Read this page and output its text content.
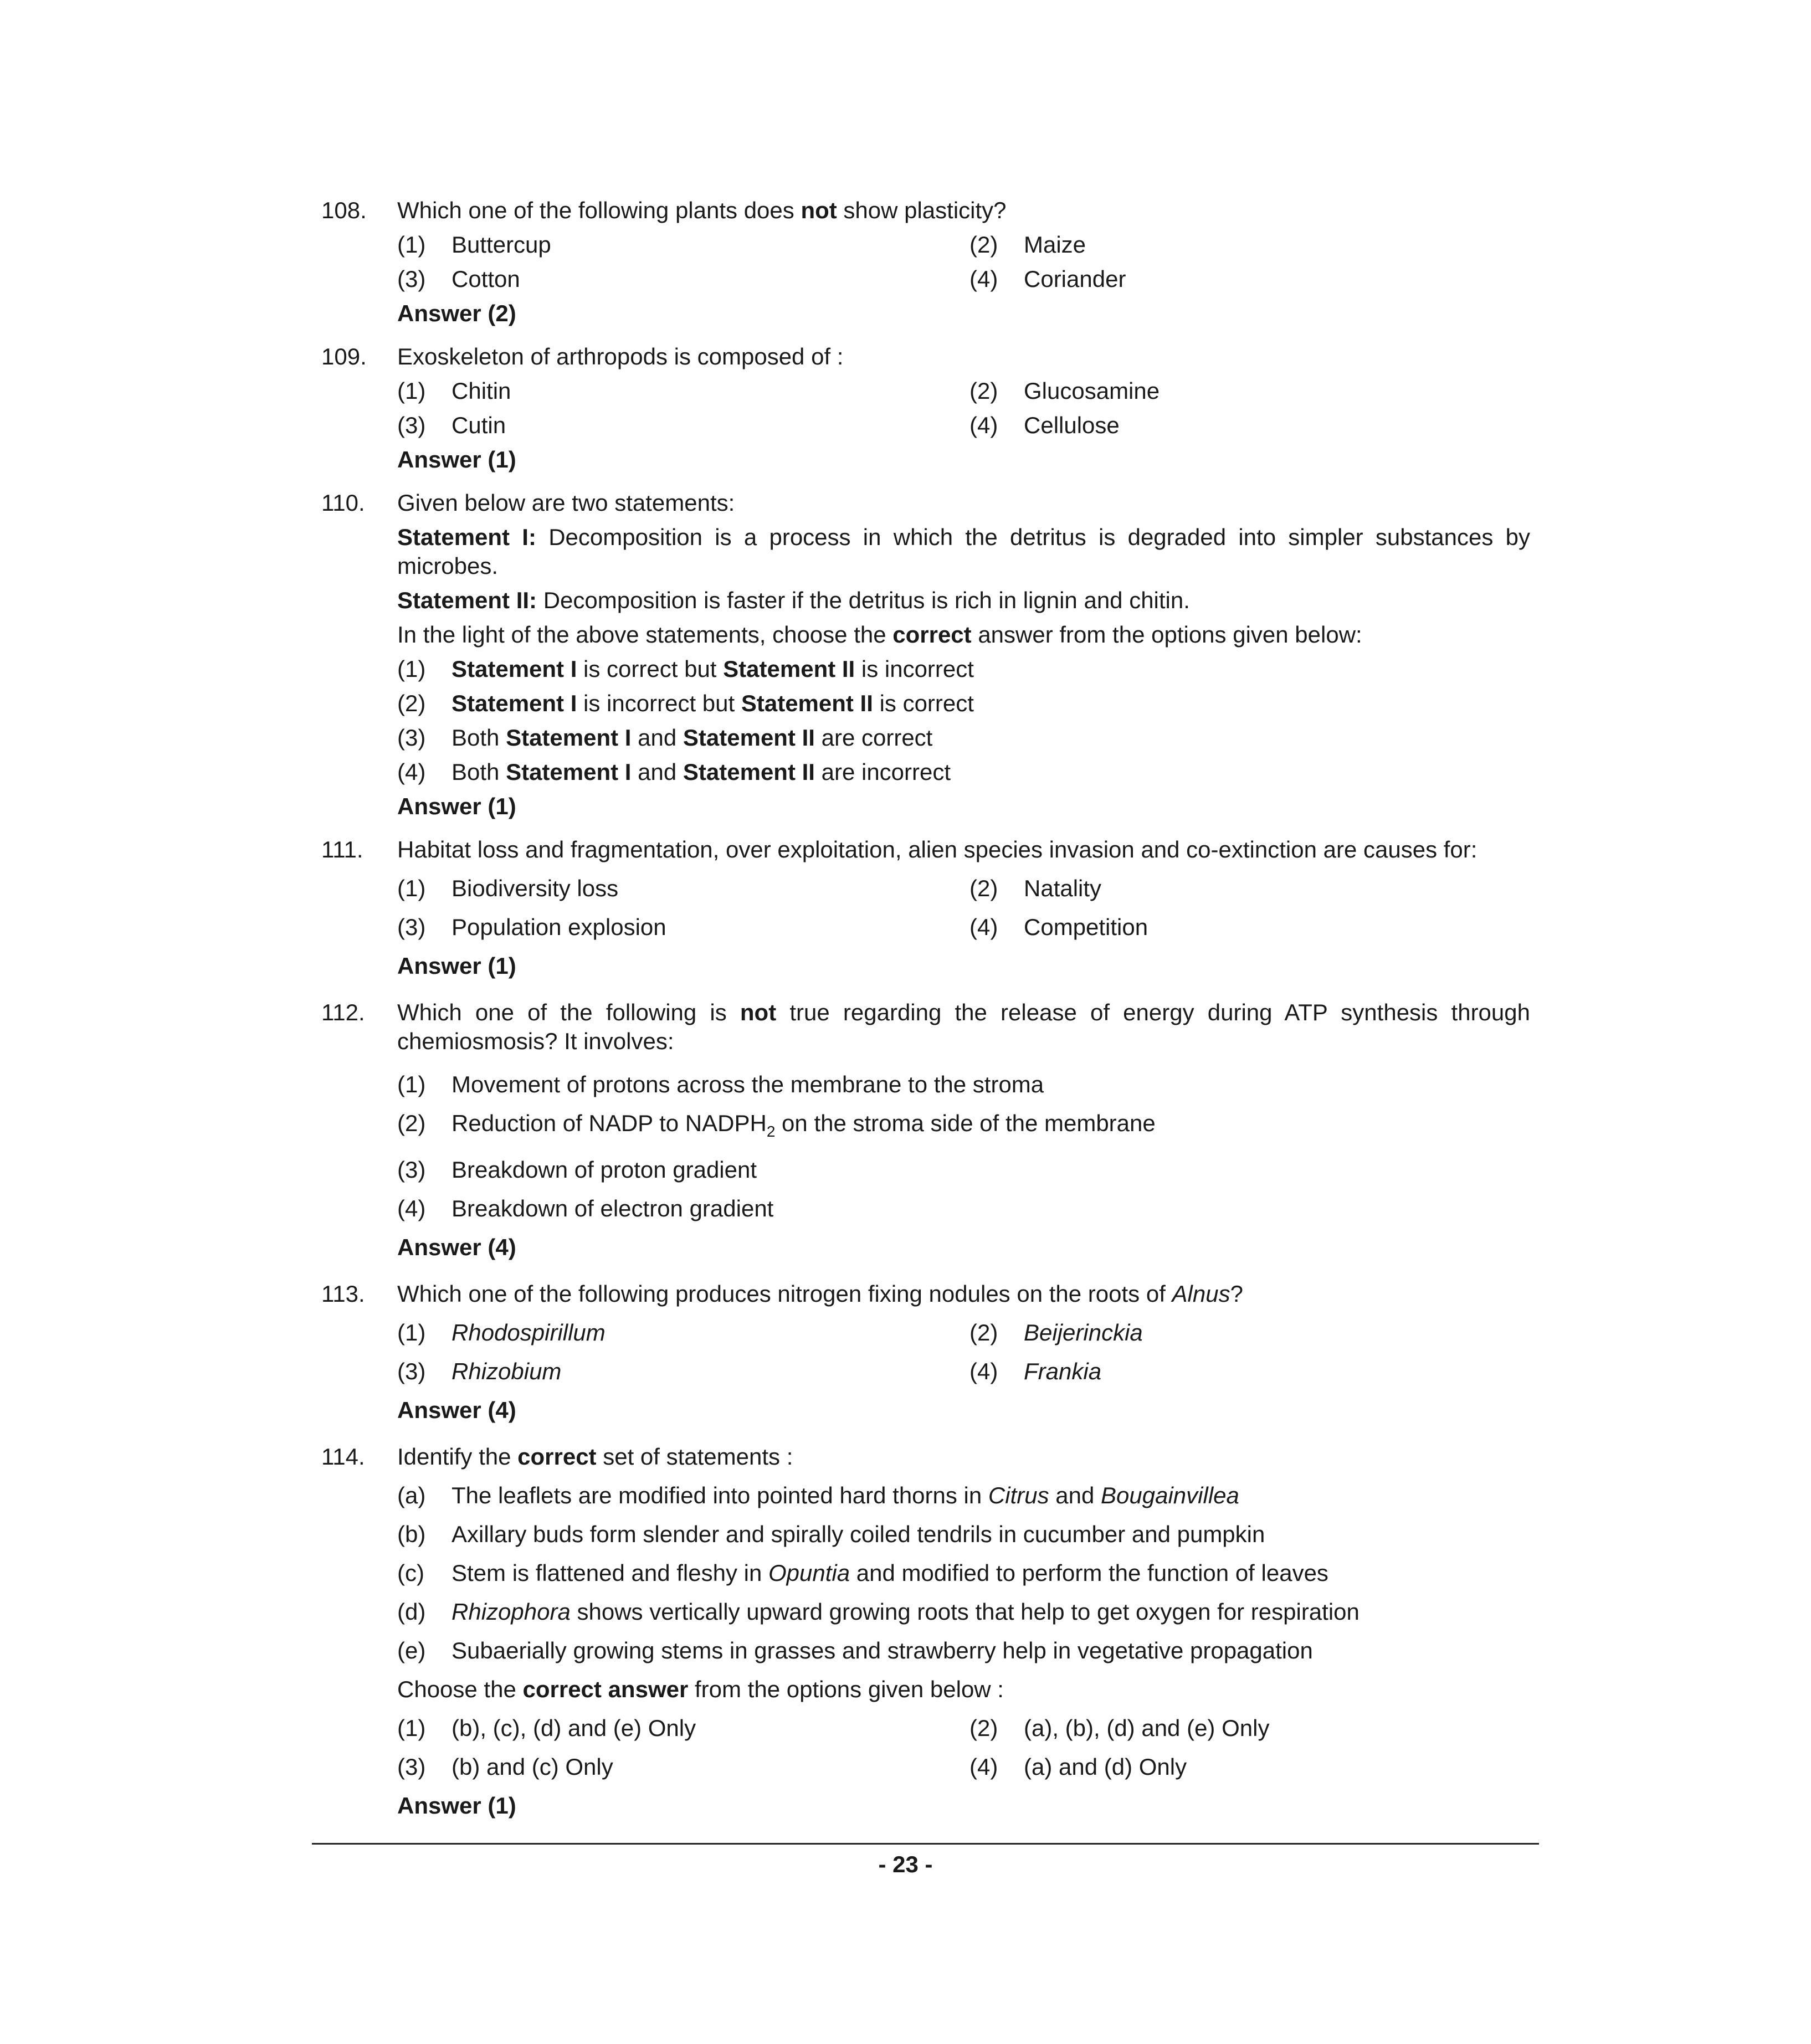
108. Which one of the following plants does not show plasticity?
(1) Buttercup	(2) Maize
(3) Cotton	(4) Coriander
Answer (2)
109. Exoskeleton of arthropods is composed of :
(1) Chitin	(2) Glucosamine
(3) Cutin	(4) Cellulose
Answer (1)
110. Given below are two statements:
Statement I: Decomposition is a process in which the detritus is degraded into simpler substances by microbes.
Statement II: Decomposition is faster if the detritus is rich in lignin and chitin.
In the light of the above statements, choose the correct answer from the options given below:
(1) Statement I is correct but Statement II is incorrect
(2) Statement I is incorrect but Statement II is correct
(3) Both Statement I and Statement II are correct
(4) Both Statement I and Statement II are incorrect
Answer (1)
111. Habitat loss and fragmentation, over exploitation, alien species invasion and co-extinction are causes for:
(1) Biodiversity loss	(2) Natality
(3) Population explosion	(4) Competition
Answer (1)
112. Which one of the following is not true regarding the release of energy during ATP synthesis through chemiosmosis? It involves:
(1) Movement of protons across the membrane to the stroma
(2) Reduction of NADP to $NADPH_2$ on the stroma side of the membrane
(3) Breakdown of proton gradient
(4) Breakdown of electron gradient
Answer (4)
113. Which one of the following produces nitrogen fixing nodules on the roots of Alnus?
(1) Rhodospirillum	(2) Beijerinckia
(3) Rhizobium	(4) Frankia
Answer (4)
114. Identify the correct set of statements :
(a) The leaflets are modified into pointed hard thorns in Citrus and Bougainvillea
(b) Axillary buds form slender and spirally coiled tendrils in cucumber and pumpkin
(c) Stem is flattened and fleshy in Opuntia and modified to perform the function of leaves
(d) Rhizophora shows vertically upward growing roots that help to get oxygen for respiration
(e) Subaerially growing stems in grasses and strawberry help in vegetative propagation
Choose the correct answer from the options given below :
(1) (b), (c), (d) and (e) Only	(2) (a), (b), (d) and (e) Only
(3) (b) and (c) Only	(4) (a) and (d) Only
Answer (1)
- 23 -
